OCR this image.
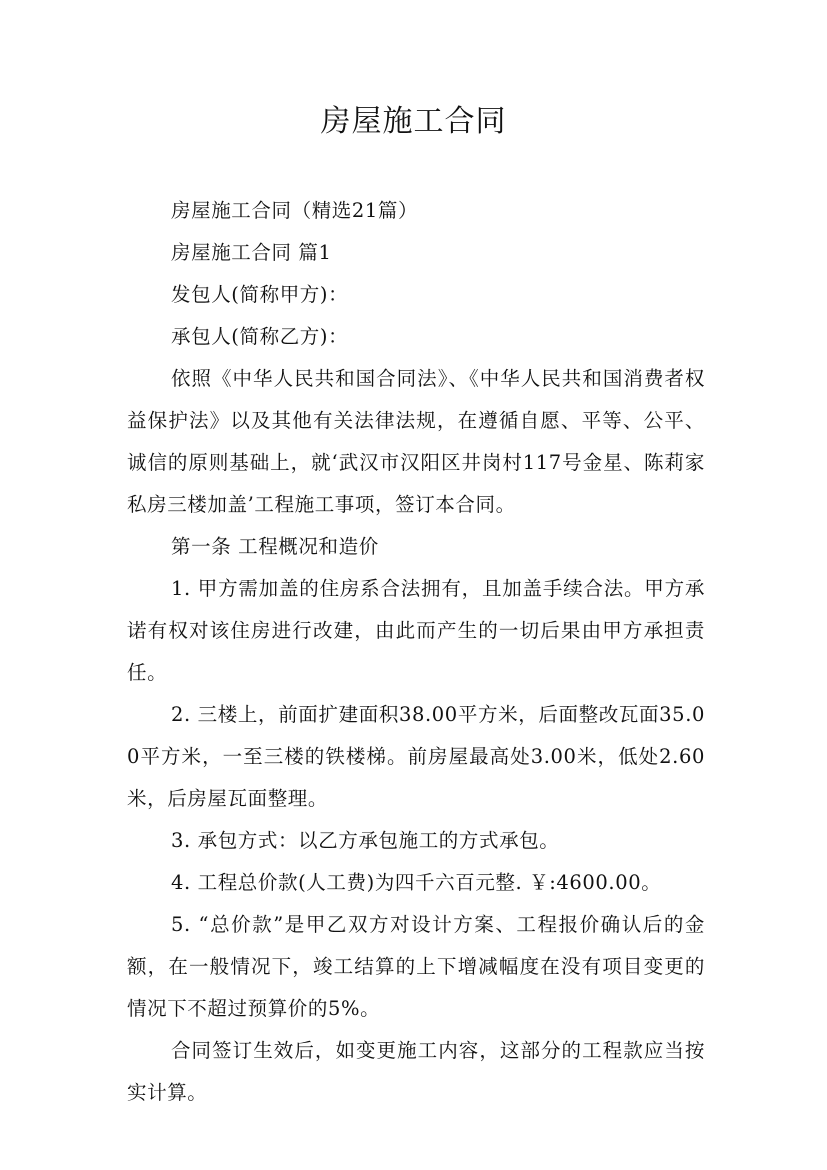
房屋施工合同

房屋施工合同（精选21篇）

房屋施工合同 篇1

发包人(简称甲方)：

承包人(简称乙方)：

依照《中华人民共和国合同法》、《中华人民共和国消费者权益保护法》以及其他有关法律法规，在遵循自愿、平等、公平、诚信的原则基础上，就‘武汉市汉阳区井岗村117号金星、陈莉家私房三楼加盖’工程施工事项，签订本合同。

第一条 工程概况和造价

1. 甲方需加盖的住房系合法拥有，且加盖手续合法。甲方承诺有权对该住房进行改建，由此而产生的一切后果由甲方承担责任。

2. 三楼上，前面扩建面积38.00平方米，后面整改瓦面35.00平方米，一至三楼的铁楼梯。前房屋最高处3.00米，低处2.60米，后房屋瓦面整理。

3. 承包方式：以乙方承包施工的方式承包。

4. 工程总价款(人工费)为四千六百元整. ￥:4600.00。

5. “总价款”是甲乙双方对设计方案、工程报价确认后的金额，在一般情况下，竣工结算的上下增减幅度在没有项目变更的情况下不超过预算价的5%。

合同签订生效后，如变更施工内容，这部分的工程款应当按实计算。
